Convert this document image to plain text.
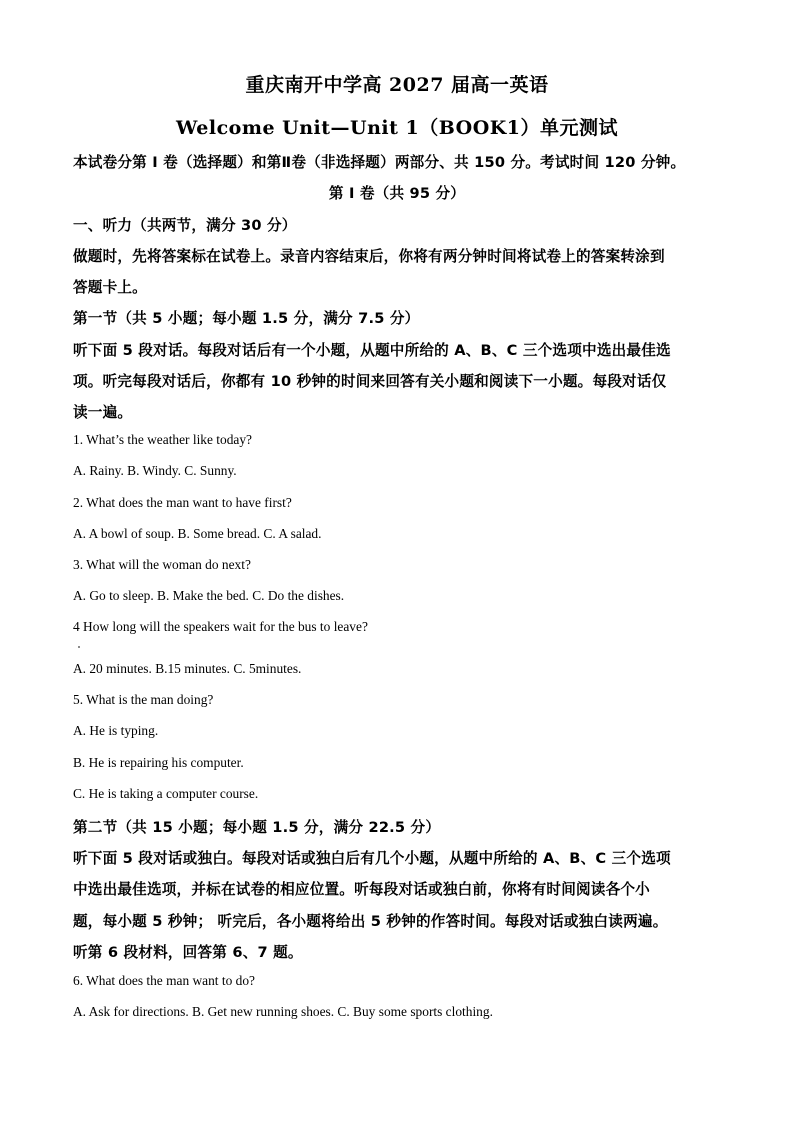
重庆南开中学高 2027 届高一英语
Welcome Unit—Unit 1（BOOK1）单元测试
本试卷分第 I 卷（选择题）和第Ⅱ卷（非选择题）两部分、共 150 分。考试时间 120 分钟。
第 I 卷（共 95 分）
一、听力（共两节，满分 30 分）
做题时，先将答案标在试卷上。录音内容结束后，你将有两分钟时间将试卷上的答案转涂到
答题卡上。
第一节（共 5 小题；每小题 1.5 分，满分 7.5 分）
听下面 5 段对话。每段对话后有一个小题，从题中所给的 A、B、C 三个选项中选出最佳选
项。听完每段对话后，你都有 10 秒钟的时间来回答有关小题和阅读下一小题。每段对话仅
读一遍。
1. What’s the weather like today?
A. Rainy. B. Windy. C. Sunny.
2. What does the man want to have first?
A. A bowl of soup. B. Some bread. C. A salad.
3. What will the woman do next?
A. Go to sleep. B. Make the bed. C. Do the dishes.
4 How long will the speakers wait for the bus to leave?
A. 20 minutes. B.15 minutes. C. 5minutes.
5. What is the man doing?
A. He is typing.
B. He is repairing his computer.
C. He is taking a computer course.
第二节（共 15 小题；每小题 1.5 分，满分 22.5 分）
听下面 5 段对话或独白。每段对话或独白后有几个小题，从题中所给的 A、B、C 三个选项
中选出最佳选项，并标在试卷的相应位置。听每段对话或独白前，你将有时间阅读各个小
题，每小题 5 秒钟； 听完后，各小题将给出 5 秒钟的作答时间。每段对话或独白读两遍。
听第 6 段材料，回答第 6、7 题。
6. What does the man want to do?
A. Ask for directions. B. Get new running shoes. C. Buy some sports clothing.
